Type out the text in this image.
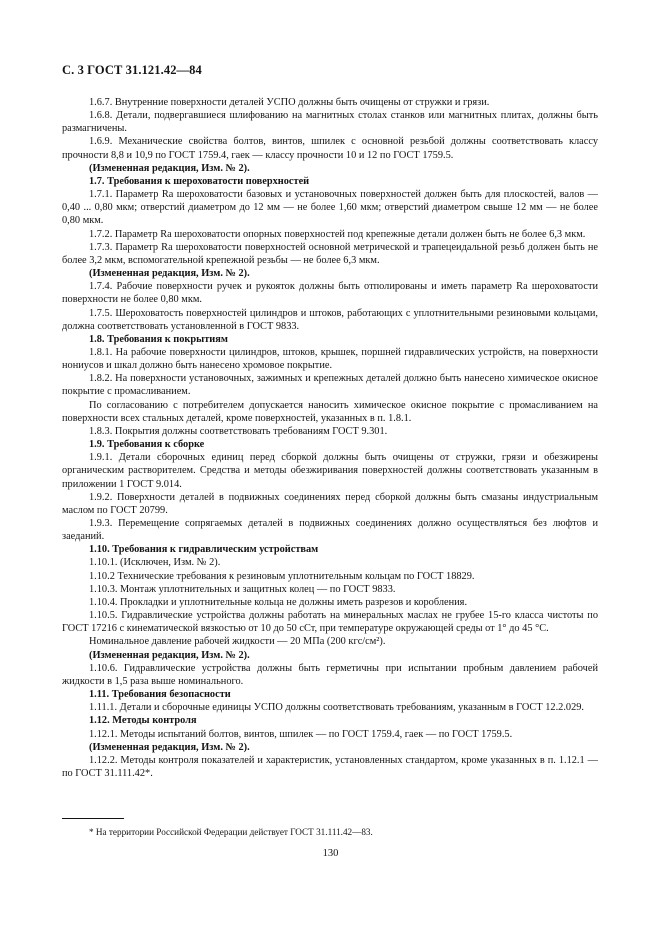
С. 3 ГОСТ 31.121.42—84

1.6.7. Внутренние поверхности деталей УСПО должны быть очищены от стружки и грязи.

1.6.8. Детали, подвергавшиеся шлифованию на магнитных столах станков или магнитных плитах, должны быть размагничены.

1.6.9. Механические свойства болтов, винтов, шпилек с основной резьбой должны соответствовать классу прочности 8,8 и 10,9 по ГОСТ 1759.4, гаек — классу прочности 10 и 12 по ГОСТ 1759.5.

(Измененная редакция, Изм. № 2).

1.7. Требования к шероховатости поверхностей

1.7.1. Параметр Ra шероховатости базовых и установочных поверхностей должен быть для плоскостей, валов — 0,40 ... 0,80 мкм; отверстий диаметром до 12 мм — не более 1,60 мкм; отверстий диаметром свыше 12 мм — не более 0,80 мкм.

1.7.2. Параметр Ra шероховатости опорных поверхностей под крепежные детали должен быть не более 6,3 мкм.

1.7.3. Параметр Ra шероховатости поверхностей основной метрической и трапецеидальной резьб должен быть не более 3,2 мкм, вспомогательной крепежной резьбы — не более 6,3 мкм.

(Измененная редакция, Изм. № 2).

1.7.4. Рабочие поверхности ручек и рукояток должны быть отполированы и иметь параметр Ra шероховатости поверхности не более 0,80 мкм.

1.7.5. Шероховатость поверхностей цилиндров и штоков, работающих с уплотнительными резиновыми кольцами, должна соответствовать установленной в ГОСТ 9833.

1.8. Требования к покрытиям

1.8.1. На рабочие поверхности цилиндров, штоков, крышек, поршней гидравлических устройств, на поверхности нониусов и шкал должно быть нанесено хромовое покрытие.

1.8.2. На поверхности установочных, зажимных и крепежных деталей должно быть нанесено химическое окисное покрытие с промасливанием.

По согласованию с потребителем допускается наносить химическое окисное покрытие с промасливанием на поверхности всех стальных деталей, кроме поверхностей, указанных в п. 1.8.1.

1.8.3. Покрытия должны соответствовать требованиям ГОСТ 9.301.

1.9. Требования к сборке

1.9.1. Детали сборочных единиц перед сборкой должны быть очищены от стружки, грязи и обезжирены органическим растворителем. Средства и методы обезжиривания поверхностей должны соответствовать указанным в приложении 1 ГОСТ 9.014.

1.9.2. Поверхности деталей в подвижных соединениях перед сборкой должны быть смазаны индустриальным маслом по ГОСТ 20799.

1.9.3. Перемещение сопрягаемых деталей в подвижных соединениях должно осуществляться без люфтов и заеданий.

1.10. Требования к гидравлическим устройствам

1.10.1. (Исключен, Изм. № 2).

1.10.2 Технические требования к резиновым уплотнительным кольцам по ГОСТ 18829.

1.10.3. Монтаж уплотнительных и защитных колец — по ГОСТ 9833.

1.10.4. Прокладки и уплотнительные кольца не должны иметь разрезов и коробления.

1.10.5. Гидравлические устройства должны работать на минеральных маслах не грубее 15-го класса чистоты по ГОСТ 17216 с кинематической вязкостью от 10 до 50 сСт, при температуре окружающей среды от 1° до 45 °С.

Номинальное давление рабочей жидкости — 20 МПа (200 кгс/см²).

(Измененная редакция, Изм. № 2).

1.10.6. Гидравлические устройства должны быть герметичны при испытании пробным давлением рабочей жидкости в 1,5 раза выше номинального.

1.11. Требования безопасности

1.11.1. Детали и сборочные единицы УСПО должны соответствовать требованиям, указанным в ГОСТ 12.2.029.

1.12. Методы контроля

1.12.1. Методы испытаний болтов, винтов, шпилек — по ГОСТ 1759.4, гаек — по ГОСТ 1759.5.

(Измененная редакция, Изм. № 2).

1.12.2. Методы контроля показателей и характеристик, установленных стандартом, кроме указанных в п. 1.12.1 — по ГОСТ 31.111.42*.

* На территории Российской Федерации действует ГОСТ 31.111.42—83.
130
